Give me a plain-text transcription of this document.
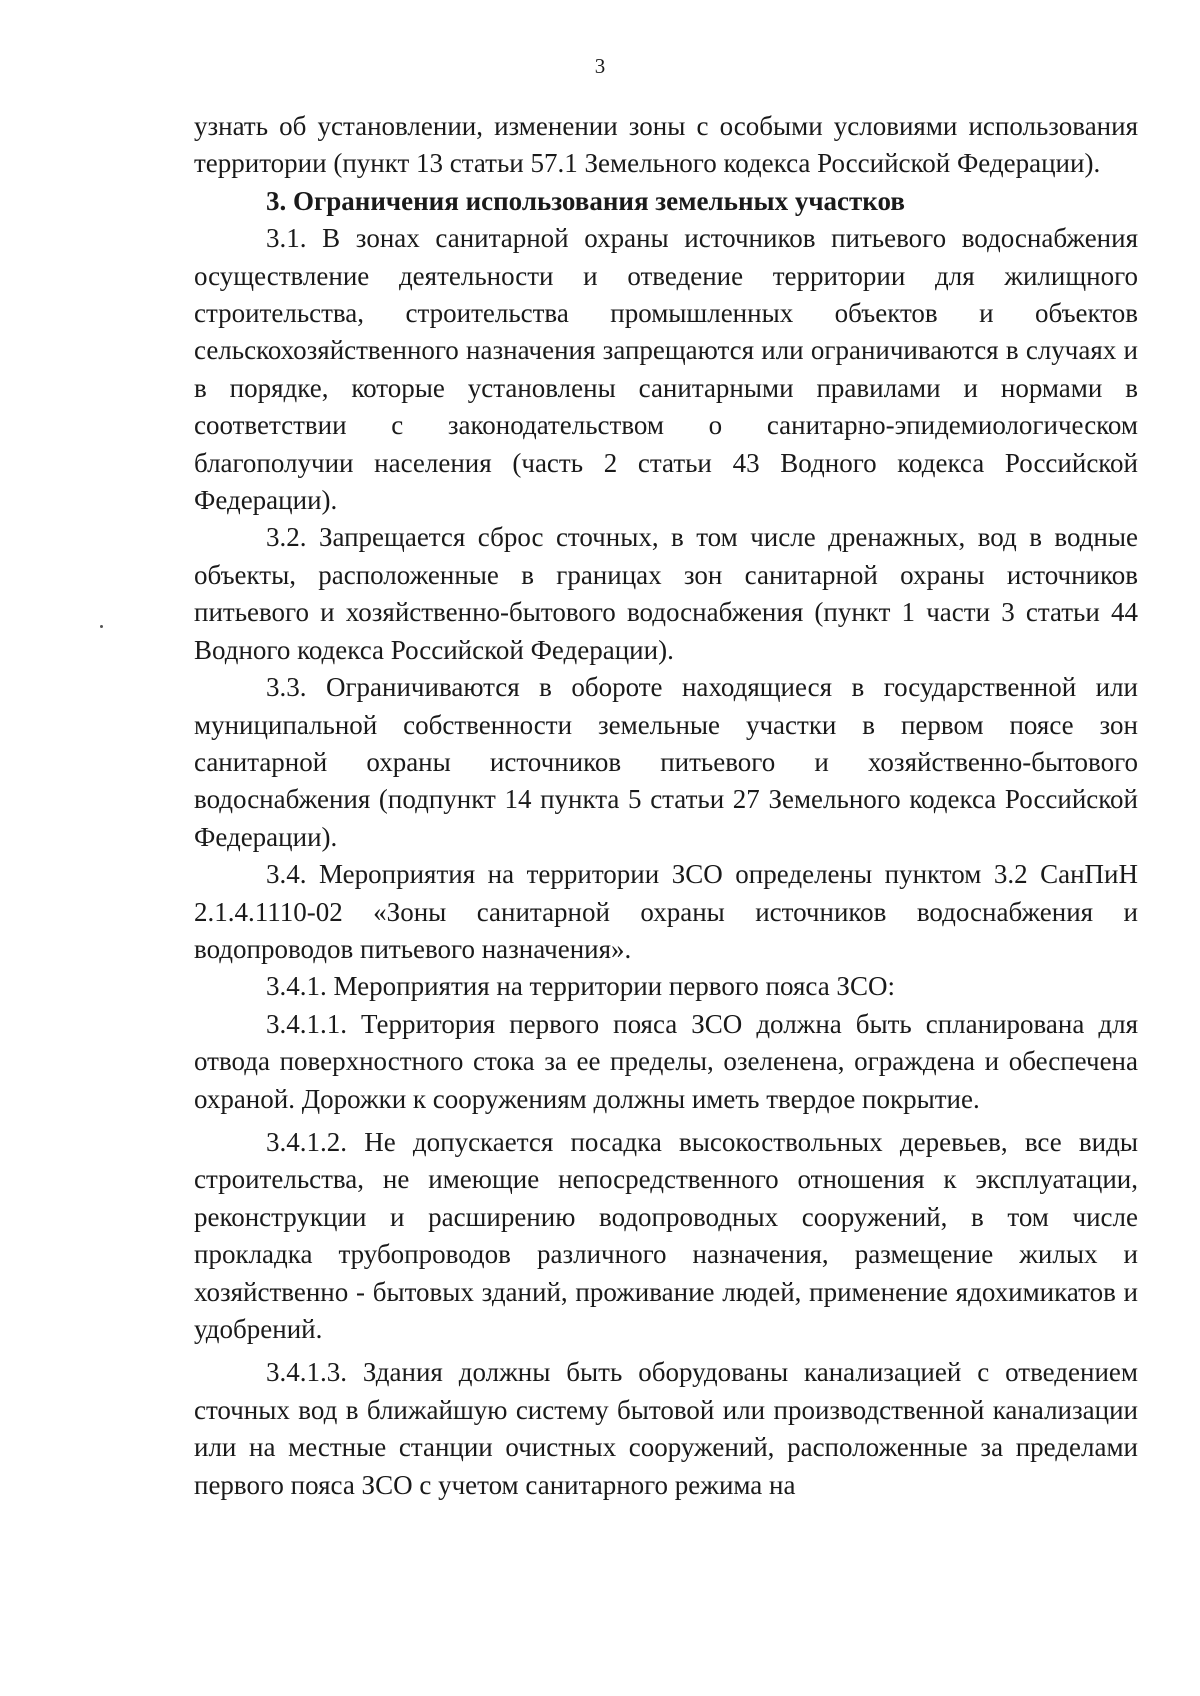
3

узнать об установлении, изменении зоны с особыми условиями использования территории (пункт 13 статьи 57.1 Земельного кодекса Российской Федерации).

3. Ограничения использования земельных участков

3.1. В зонах санитарной охраны источников питьевого водоснабжения осуществление деятельности и отведение территории для жилищного строительства, строительства промышленных объектов и объектов сельскохозяйственного назначения запрещаются или ограничиваются в случаях и в порядке, которые установлены санитарными правилами и нормами в соответствии с законодательством о санитарно-эпидемиологическом благополучии населения (часть 2 статьи 43 Водного кодекса Российской Федерации).

3.2. Запрещается сброс сточных, в том числе дренажных, вод в водные объекты, расположенные в границах зон санитарной охраны источников питьевого и хозяйственно-бытового водоснабжения (пункт 1 части 3 статьи 44 Водного кодекса Российской Федерации).

3.3. Ограничиваются в обороте находящиеся в государственной или муниципальной собственности земельные участки в первом поясе зон санитарной охраны источников питьевого и хозяйственно-бытового водоснабжения (подпункт 14 пункта 5 статьи 27 Земельного кодекса Российской Федерации).

3.4. Мероприятия на территории ЗСО определены пунктом 3.2 СанПиН 2.1.4.1110-02 «Зоны санитарной охраны источников водоснабжения и водопроводов питьевого назначения».

3.4.1. Мероприятия на территории первого пояса ЗСО:

3.4.1.1. Территория первого пояса ЗСО должна быть спланирована для отвода поверхностного стока за ее пределы, озеленена, ограждена и обеспечена охраной. Дорожки к сооружениям должны иметь твердое покрытие.

3.4.1.2. Не допускается посадка высокоствольных деревьев, все виды строительства, не имеющие непосредственного отношения к эксплуатации, реконструкции и расширению водопроводных сооружений, в том числе прокладка трубопроводов различного назначения, размещение жилых и хозяйственно - бытовых зданий, проживание людей, применение ядохимикатов и удобрений.

3.4.1.3. Здания должны быть оборудованы канализацией с отведением сточных вод в ближайшую систему бытовой или производственной канализации или на местные станции очистных сооружений, расположенные за пределами первого пояса ЗСО с учетом санитарного режима на
